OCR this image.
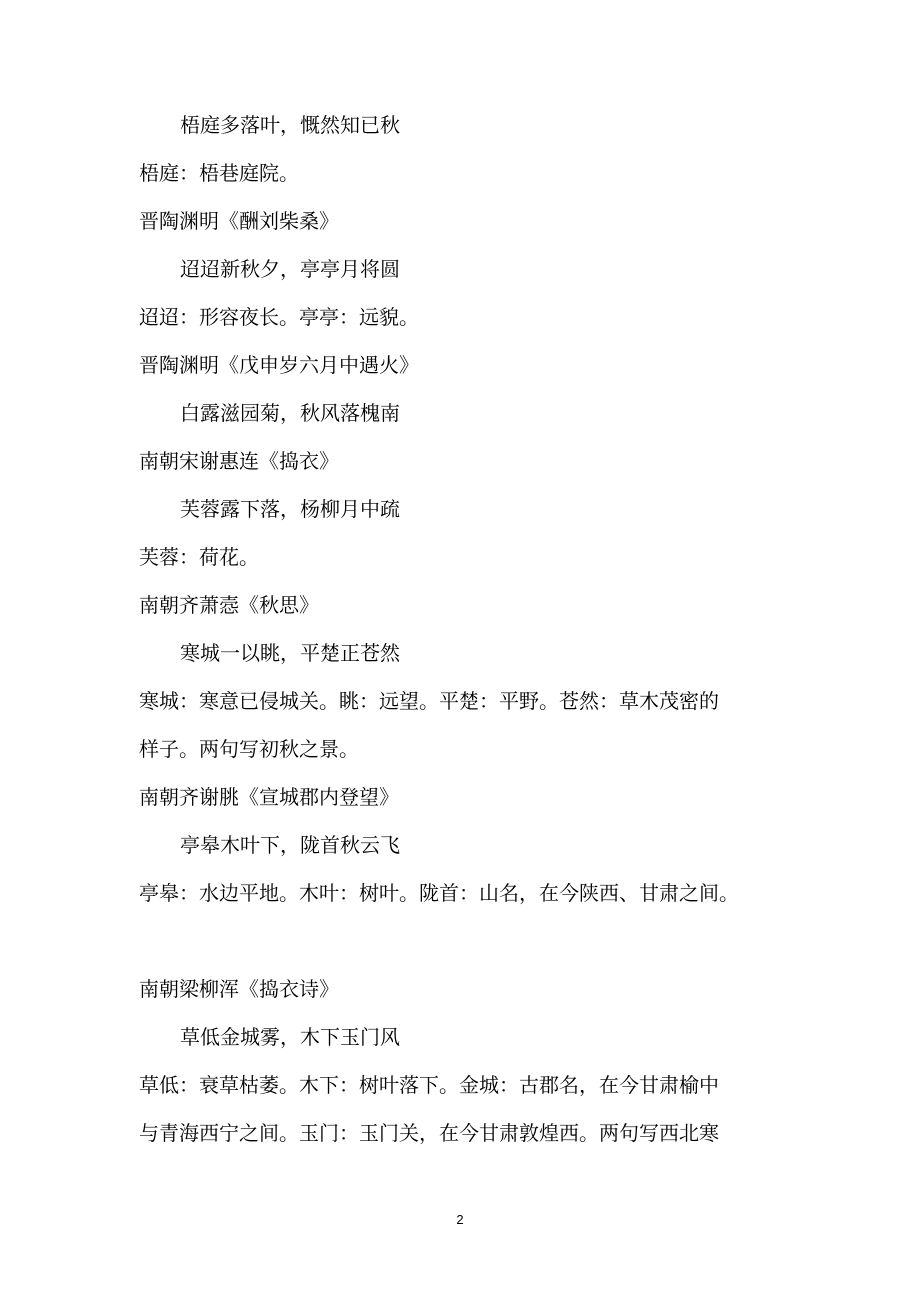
梧庭多落叶，慨然知已秋
梧庭：梧巷庭院。
晋陶渊明《酬刘柴桑》
迢迢新秋夕，亭亭月将圆
迢迢：形容夜长。亭亭：远貌。
晋陶渊明《戊申岁六月中遇火》
白露滋园菊，秋风落槐南
南朝宋谢惠连《捣衣》
芙蓉露下落，杨柳月中疏
芙蓉：荷花。
南朝齐萧悫《秋思》
寒城一以眺，平楚正苍然
寒城：寒意已侵城关。眺：远望。平楚：平野。苍然：草木茂密的
样子。两句写初秋之景。
南朝齐谢朓《宣城郡内登望》
亭皋木叶下，陇首秋云飞
亭皋：水边平地。木叶：树叶。陇首：山名，在今陕西、甘肃之间。
南朝梁柳浑《捣衣诗》
草低金城雾，木下玉门风
草低：衰草枯萎。木下：树叶落下。金城：古郡名，在今甘肃榆中
与青海西宁之间。玉门：玉门关，在今甘肃敦煌西。两句写西北寒
2
